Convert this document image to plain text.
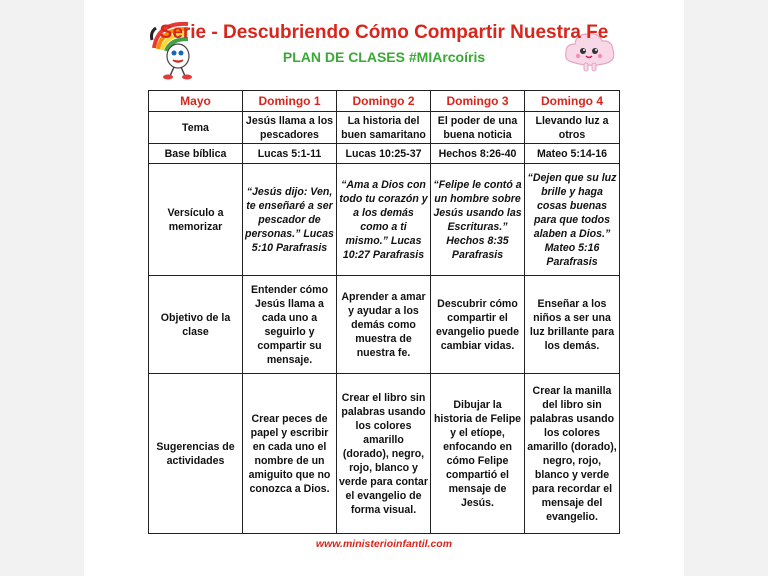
Serie - Descubriendo Cómo Compartir Nuestra Fe
PLAN DE CLASES #MIArcoíris
Mayo	Domingo 1	Domingo 2	Domingo 3	Domingo 4
Tema	Jesús llama a los pescadores	La historia del buen samaritano	El poder de una buena noticia	Llevando luz a otros
Base bíblica	Lucas 5:1-11	Lucas 10:25-37	Hechos 8:26-40	Mateo 5:14-16
Versículo a memorizar	“Jesús dijo: Ven, te enseñaré a ser pescador de personas.” Lucas 5:10 Parafrasis	“Ama a Dios con todo tu corazón y a los demás como a ti mismo.” Lucas 10:27 Parafrasis	“Felipe le contó a un hombre sobre Jesús usando las Escrituras.” Hechos 8:35 Parafrasis	“Dejen que su luz brille y haga cosas buenas para que todos alaben a Dios.” Mateo 5:16 Parafrasis
Objetivo de la clase	Entender cómo Jesús llama a cada uno a seguirlo y compartir su mensaje.	Aprender a amar y ayudar a los demás como muestra de nuestra fe.	Descubrir cómo compartir el evangelio puede cambiar vidas.	Enseñar a los niños a ser una luz brillante para los demás.
Sugerencias de actividades	Crear peces de papel y escribir en cada uno el nombre de un amiguito que no conozca a Dios.	Crear el libro sin palabras usando los colores amarillo (dorado), negro, rojo, blanco y verde para contar el evangelio de forma visual.	Dibujar la historia de Felipe y el etíope, enfocando en cómo Felipe compartió el mensaje de Jesús.	Crear la manilla del libro sin palabras usando los colores amarillo (dorado), negro, rojo, blanco y verde para recordar el mensaje del evangelio.
www.ministerioinfantil.com
